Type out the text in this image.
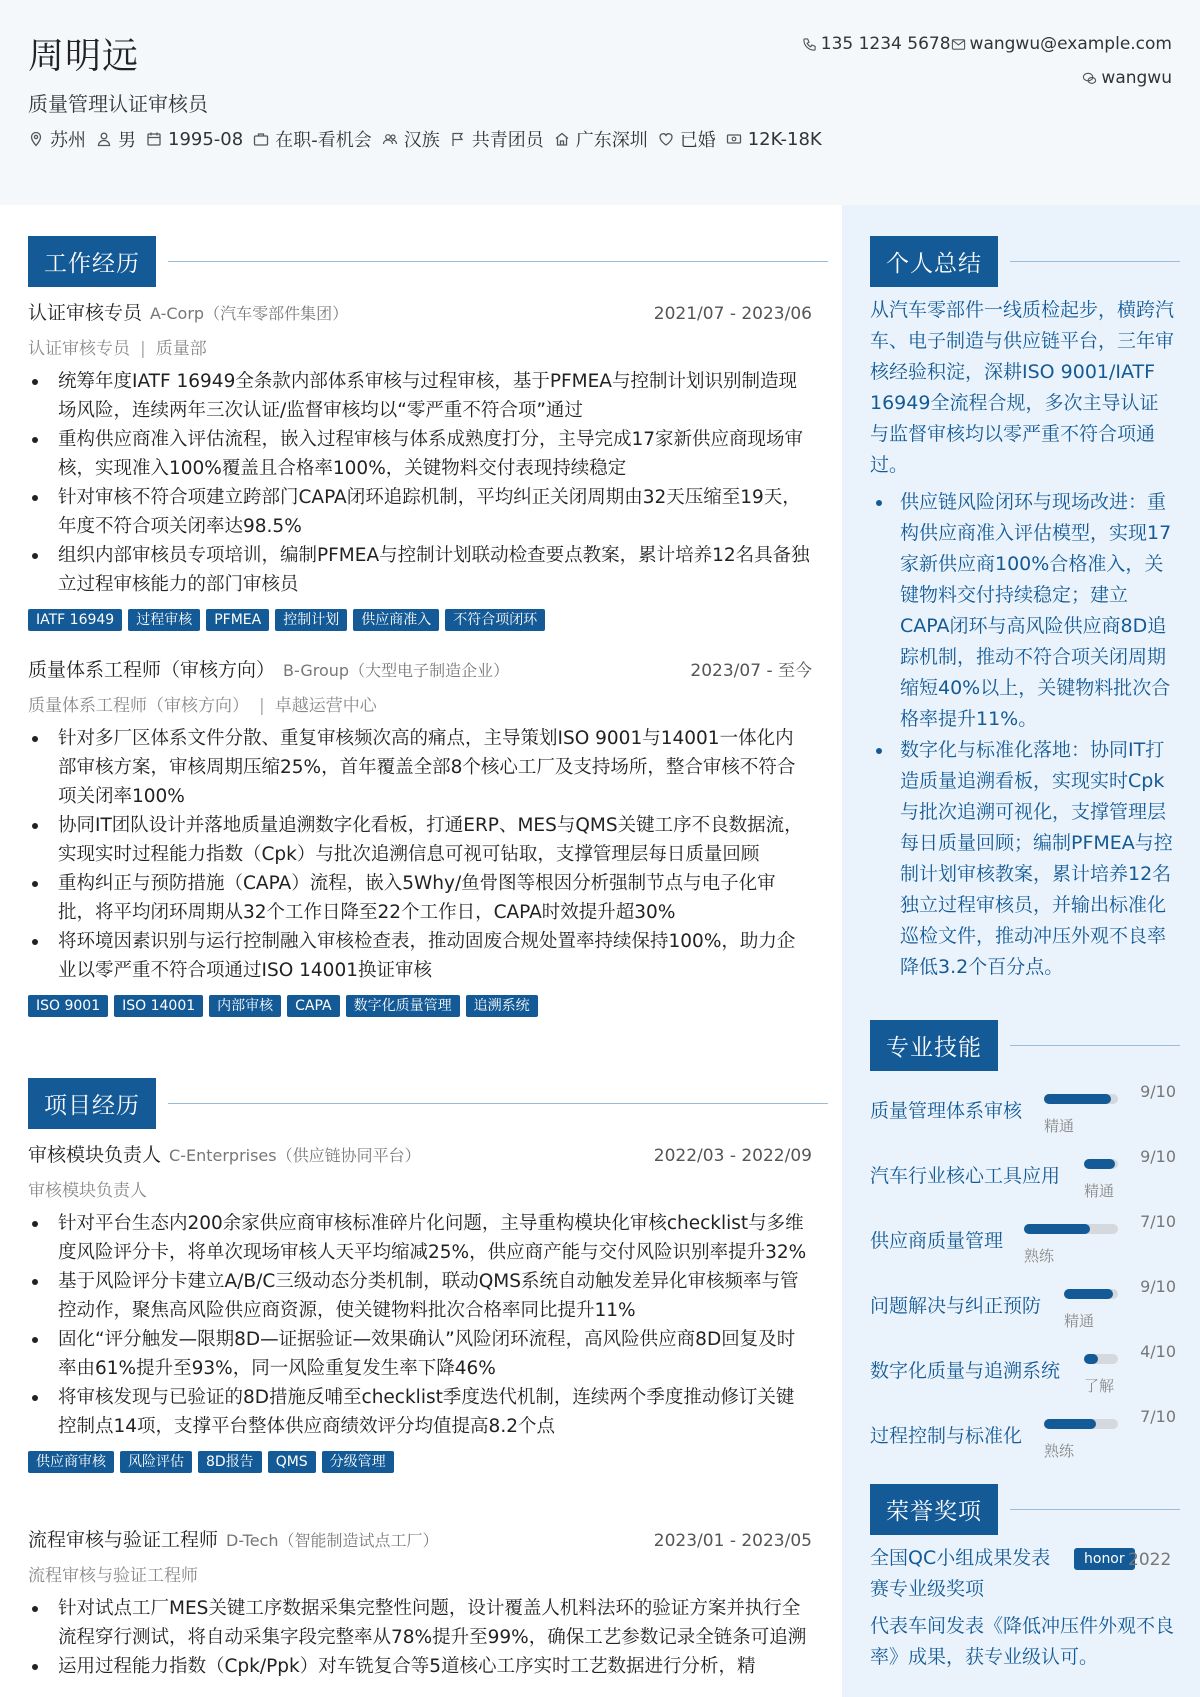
周明远
质量管理认证审核员
苏州 男 1995-08 在职-看机会 汉族 共青团员 广东深圳 已婚 12K-18K
135 1234 5678 wangwu@example.com
wangwu
工作经历
认证审核专员 A-Corp（汽车零部件集团）	2021/07 - 2023/06
认证审核专员 | 质量部
统筹年度IATF 16949全条款内部体系审核与过程审核，基于PFMEA与控制计划识别制造现场风险，连续两年三次认证/监督审核均以“零严重不符合项”通过
重构供应商准入评估流程，嵌入过程审核与体系成熟度打分，主导完成17家新供应商现场审核，实现准入100%覆盖且合格率100%，关键物料交付表现持续稳定
针对审核不符合项建立跨部门CAPA闭环追踪机制，平均纠正关闭周期由32天压缩至19天，年度不符合项关闭率达98.5%
组织内部审核员专项培训，编制PFMEA与控制计划联动检查要点教案，累计培养12名具备独立过程审核能力的部门审核员
IATF 16949	过程审核	PFMEA	控制计划	供应商准入	不符合项闭环
质量体系工程师（审核方向） B-Group（大型电子制造企业）	2023/07 - 至今
质量体系工程师（审核方向） | 卓越运营中心
针对多厂区体系文件分散、重复审核频次高的痛点，主导策划ISO 9001与14001一体化内部审核方案，审核周期压缩25%，首年覆盖全部8个核心工厂及支持场所，整合审核不符合项关闭率100%
协同IT团队设计并落地质量追溯数字化看板，打通ERP、MES与QMS关键工序不良数据流，实现实时过程能力指数（Cpk）与批次追溯信息可视可钻取，支撑管理层每日质量回顾
重构纠正与预防措施（CAPA）流程，嵌入5Why/鱼骨图等根因分析强制节点与电子化审批，将平均闭环周期从32个工作日降至22个工作日，CAPA时效提升超30%
将环境因素识别与运行控制融入审核检查表，推动固废合规处置率持续保持100%，助力企业以零严重不符合项通过ISO 14001换证审核
ISO 9001	ISO 14001	内部审核	CAPA	数字化质量管理	追溯系统
项目经历
审核模块负责人 C-Enterprises（供应链协同平台）	2022/03 - 2022/09
审核模块负责人
针对平台生态内200余家供应商审核标准碎片化问题，主导重构模块化审核checklist与多维度风险评分卡，将单次现场审核人天平均缩减25%，供应商产能与交付风险识别率提升32%
基于风险评分卡建立A/B/C三级动态分类机制，联动QMS系统自动触发差异化审核频率与管控动作，聚焦高风险供应商资源，使关键物料批次合格率同比提升11%
固化“评分触发—限期8D—证据验证—效果确认”风险闭环流程，高风险供应商8D回复及时率由61%提升至93%，同一风险重复发生率下降46%
将审核发现与已验证的8D措施反哺至checklist季度迭代机制，连续两个季度推动修订关键控制点14项，支撑平台整体供应商绩效评分均值提高8.2个点
供应商审核	风险评估	8D报告	QMS	分级管理
流程审核与验证工程师 D-Tech（智能制造试点工厂）	2023/01 - 2023/05
流程审核与验证工程师
针对试点工厂MES关键工序数据采集完整性问题，设计覆盖人机料法环的验证方案并执行全流程穿行测试，将自动采集字段完整率从78%提升至99%，确保工艺参数记录全链条可追溯
运用过程能力指数（Cpk/Ppk）对车铣复合等5道核心工序实时工艺数据进行分析，精
个人总结
从汽车零部件一线质检起步，横跨汽车、电子制造与供应链平台，三年审核经验积淀，深耕ISO 9001/IATF 16949全流程合规，多次主导认证与监督审核均以零严重不符合项通过。
供应链风险闭环与现场改进：重构供应商准入评估模型，实现17家新供应商100%合格准入，关键物料交付持续稳定；建立CAPA闭环与高风险供应商8D追踪机制，推动不符合项关闭周期缩短40%以上，关键物料批次合格率提升11%。
数字化与标准化落地：协同IT打造质量追溯看板，实现实时Cpk与批次追溯可视化，支撑管理层每日质量回顾；编制PFMEA与控制计划审核教案，累计培养12名独立过程审核员，并输出标准化巡检文件，推动冲压外观不良率降低3.2个百分点。
专业技能
质量管理体系审核
9/10
精通
汽车行业核心工具应用
9/10
精通
供应商质量管理
7/10
熟练
问题解决与纠正预防
9/10
精通
数字化质量与追溯系统
4/10
了解
过程控制与标准化
7/10
熟练
荣誉奖项
全国QC小组成果发表赛专业级奖项
honor 2022
代表车间发表《降低冲压件外观不良率》成果，获专业级认可。
